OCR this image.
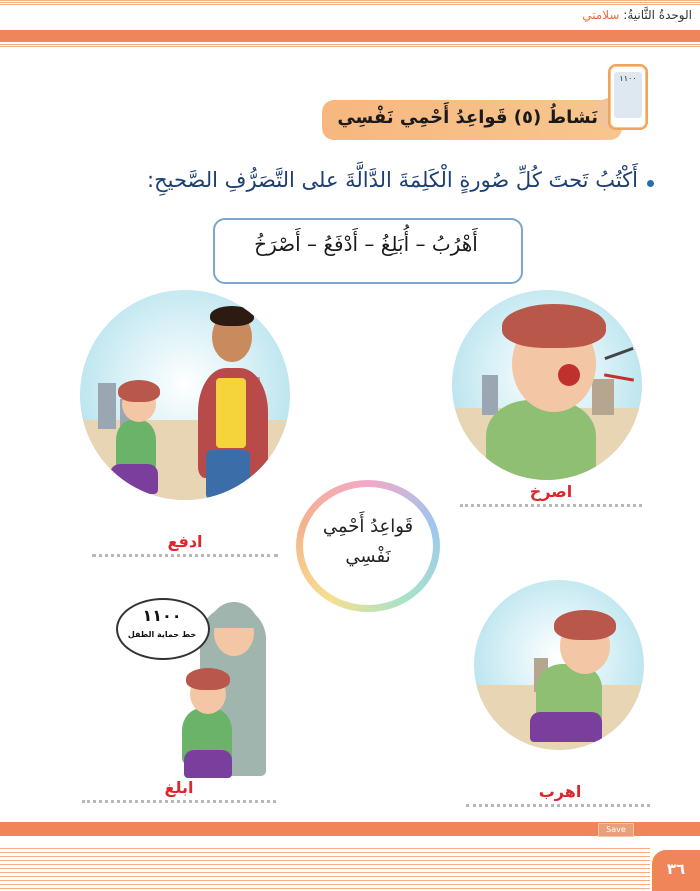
الوحدةُ الثَّانيةُ: سلامتي
نَشاطُ (٥) قَواعِدُ أَحْمِي نَفْسِي
١١٠٠
أَكْتُبُ تَحتَ كُلِّ صُورةٍ الْكَلِمَةَ الدَّالَّةَ على التَّصَرُّفِ الصَّحيحِ:
أَهْرُبُ – أُبَلِغُ – أَدْفَعُ – أَصْرَخُ
١١٠٠
خط حماية الطفل
ادفع
اصرخ
ابلغ	اهرب
قَواعِدُ أَحْمِي
نَفْسِي
Save
٣٦
